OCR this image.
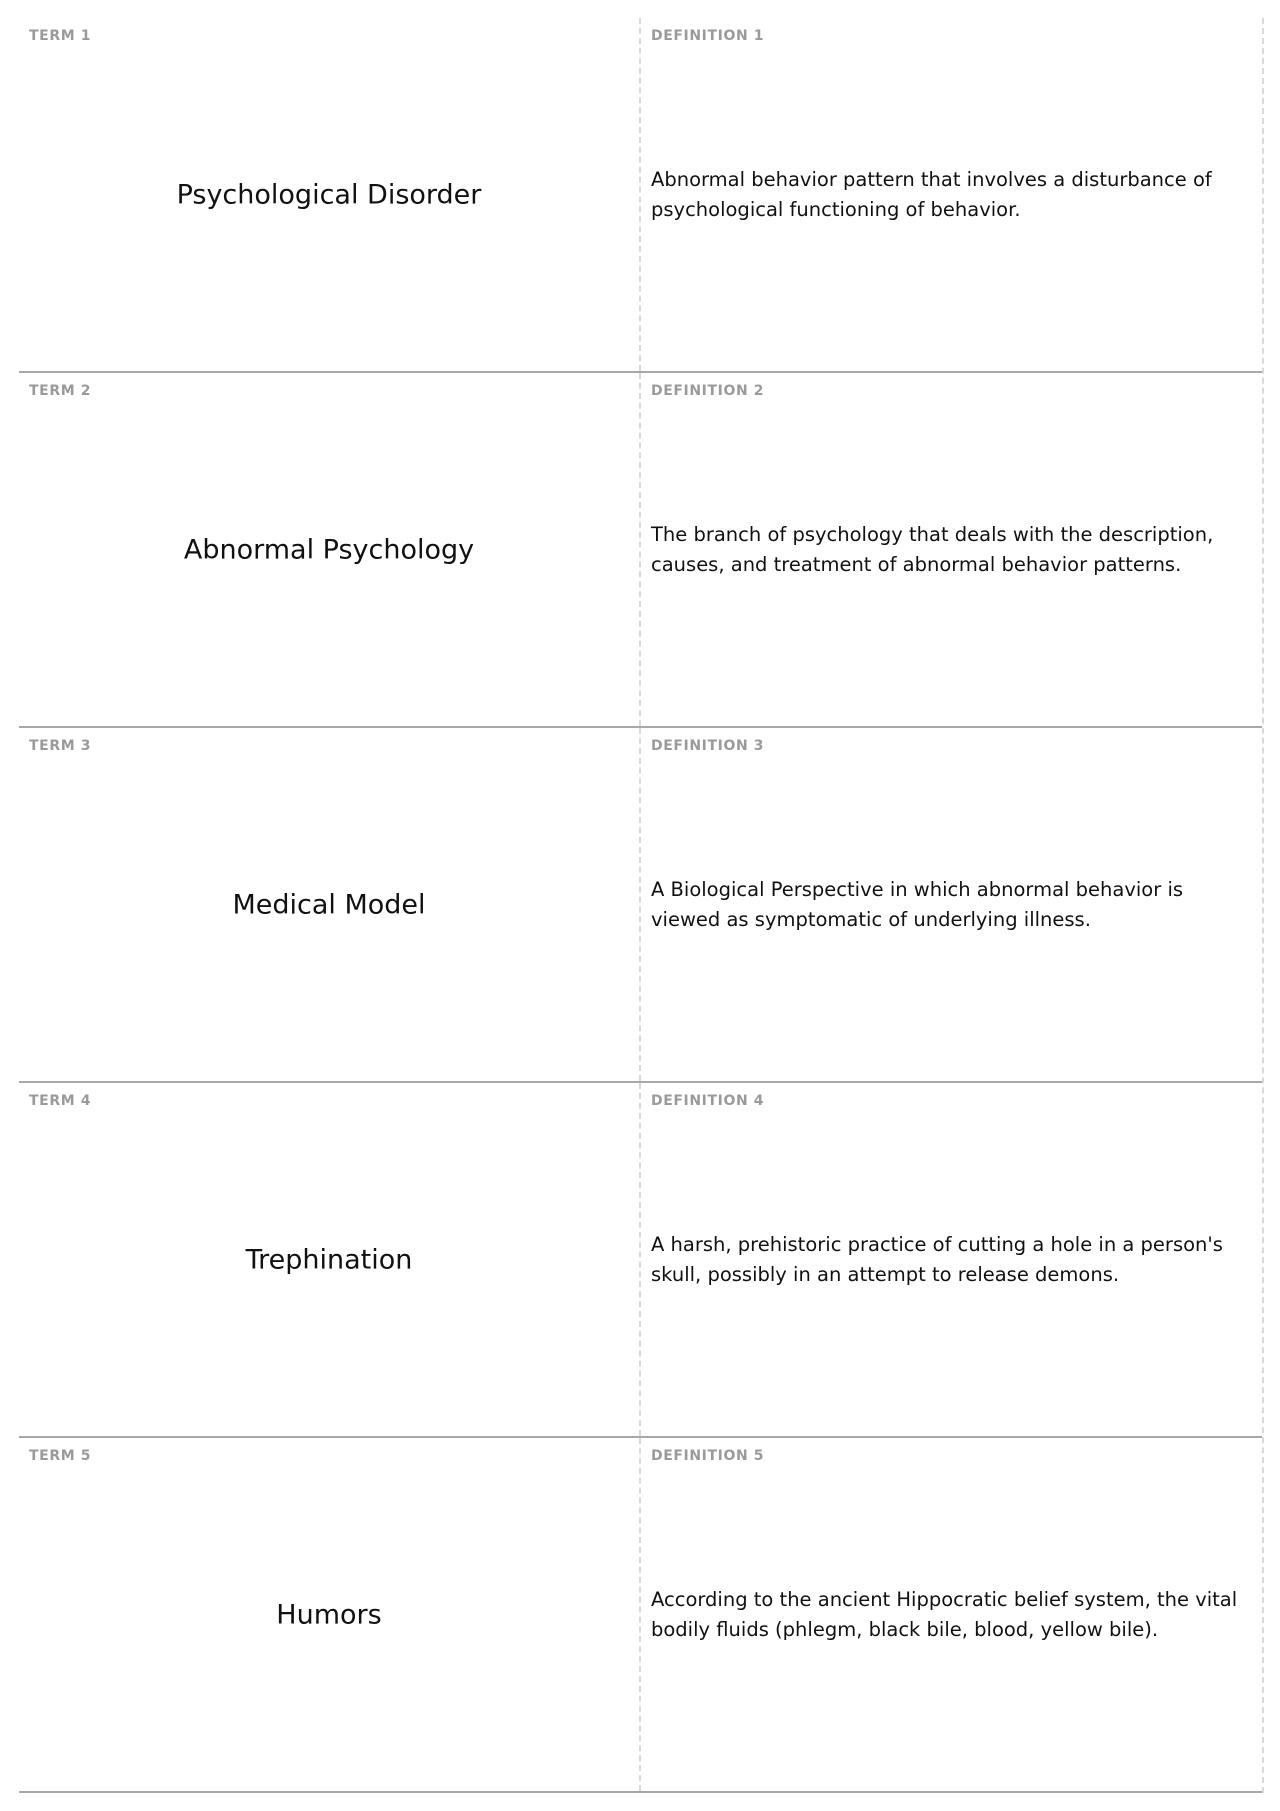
TERM 1
Psychological Disorder
DEFINITION 1
Abnormal behavior pattern that involves a disturbance of psychological functioning of behavior.
TERM 2
Abnormal Psychology
DEFINITION 2
The branch of psychology that deals with the description, causes, and treatment of abnormal behavior patterns.
TERM 3
Medical Model
DEFINITION 3
A Biological Perspective in which abnormal behavior is viewed as symptomatic of underlying illness.
TERM 4
Trephination
DEFINITION 4
A harsh, prehistoric practice of cutting a hole in a person's skull, possibly in an attempt to release demons.
TERM 5
Humors
DEFINITION 5
According to the ancient Hippocratic belief system, the vital bodily fluids (phlegm, black bile, blood, yellow bile).
